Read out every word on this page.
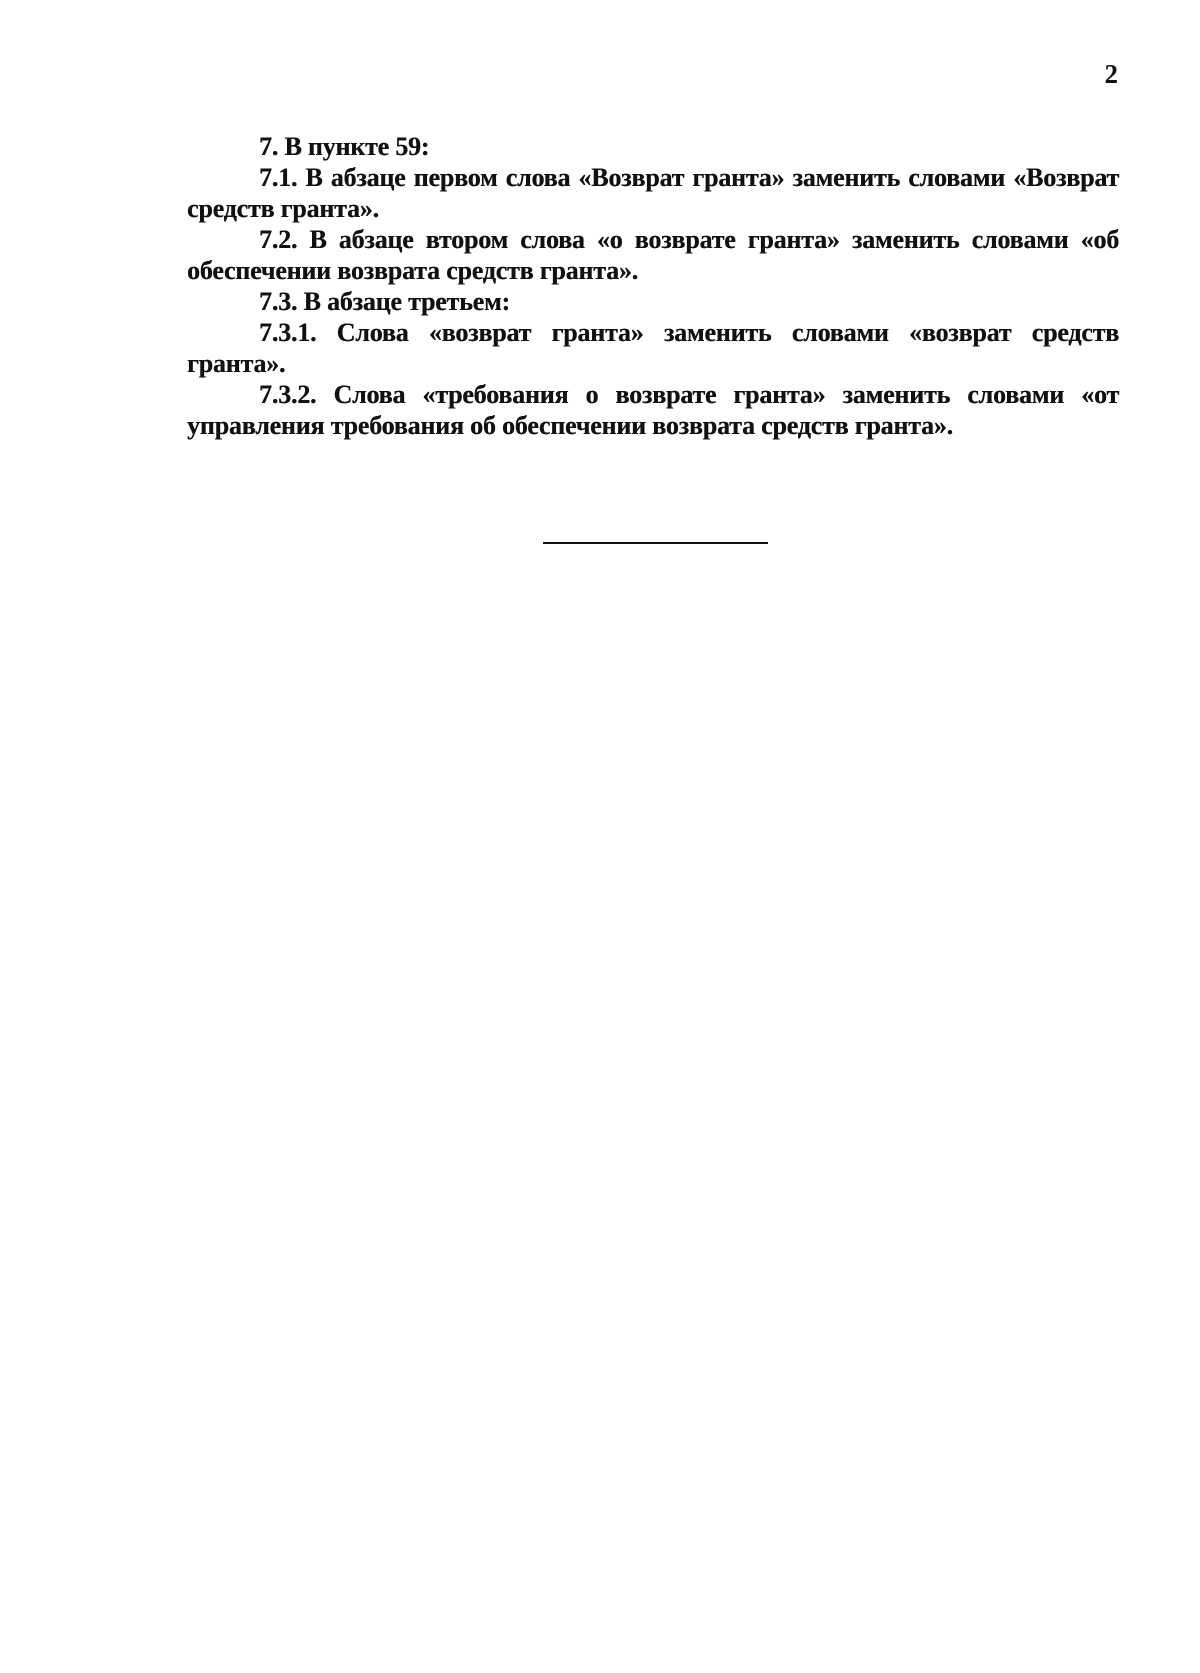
2

7. В пункте 59:

7.1. В абзаце первом слова «Возврат гранта» заменить словами «Возврат средств гранта».

7.2. В абзаце втором слова «о возврате гранта» заменить словами «об обеспечении возврата средств гранта».

7.3. В абзаце третьем:

7.3.1. Слова «возврат гранта» заменить словами «возврат средств гранта».

7.3.2. Слова «требования о возврате гранта» заменить словами «от управления требования об обеспечении возврата средств гранта».
